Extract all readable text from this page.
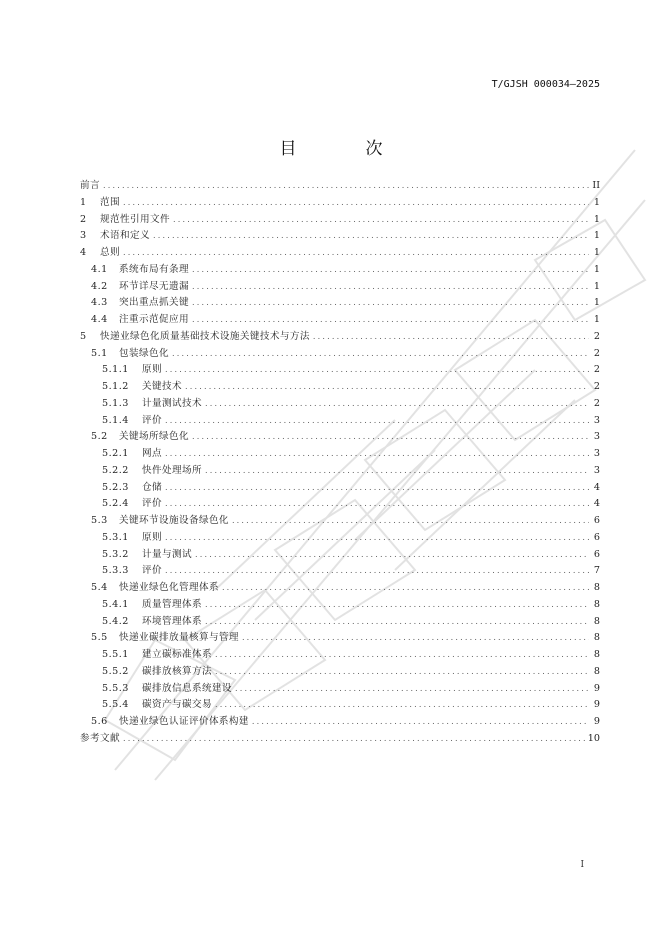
T/GJSH 000034—2025
目　次
前言 .....	II
1	范围 .....	1
2	规范性引用文件 .....	1
3	术语和定义 .....	1
4	总则 .....	1
4.1	系统布局有条理 .....	1
4.2	环节详尽无遗漏 .....	1
4.3	突出重点抓关键 .....	1
4.4	注重示范促应用 .....	1
5	快递业绿色化质量基础技术设施关键技术与方法 .....	2
5.1	包装绿色化 .....	2
5.1.1	原则 .....	2
5.1.2	关键技术 .....	2
5.1.3	计量测试技术 .....	2
5.1.4	评价 .....	3
5.2	关键场所绿色化 .....	3
5.2.1	网点 .....	3
5.2.2	快件处理场所 .....	3
5.2.3	仓储 .....	4
5.2.4	评价 .....	4
5.3	关键环节设施设备绿色化 .....	6
5.3.1	原则 .....	6
5.3.2	计量与测试 .....	6
5.3.3	评价 .....	7
5.4	快递业绿色化管理体系 .....	8
5.4.1	质量管理体系 .....	8
5.4.2	环境管理体系 .....	8
5.5	快递业碳排放量核算与管理 .....	8
5.5.1	建立碳标准体系 .....	8
5.5.2	碳排放核算方法 .....	8
5.5.3	碳排放信息系统建设 .....	9
5.5.4	碳资产与碳交易 .....	9
5.6	快递业绿色认证评价体系构建 .....	9
参考文献 .....	10
I
